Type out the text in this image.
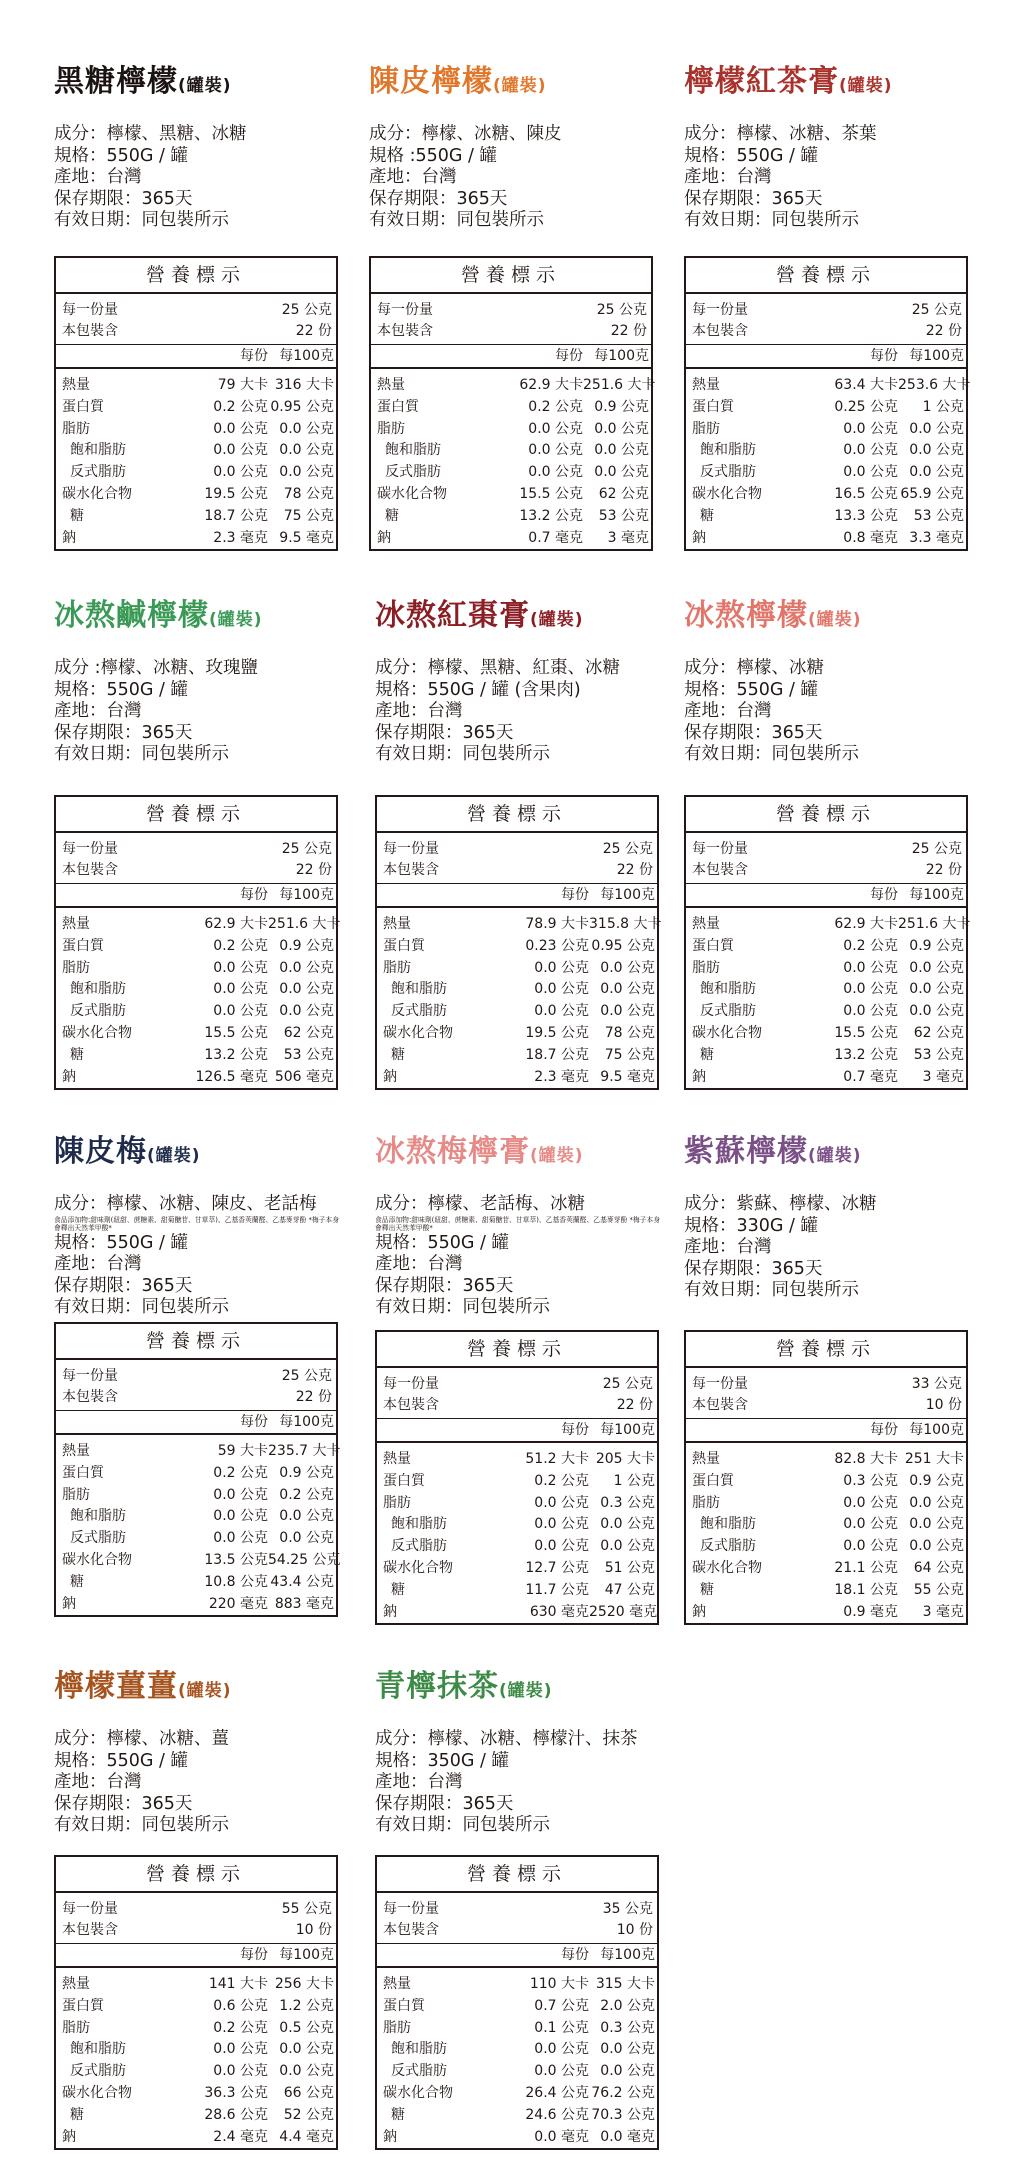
黑糖檸檬(罐裝)
成分：檸檬、黑糖、冰糖
規格：550G / 罐
產地：台灣
保存期限：365天
有效日期：同包裝所示
營養標示
每一份量	25 公克
本包裝含	22 份
每份 每100克
熱量	79 大卡 316 大卡
蛋白質	0.2 公克 0.95 公克
脂肪	0.0 公克 0.0 公克
飽和脂肪	0.0 公克 0.0 公克
反式脂肪	0.0 公克 0.0 公克
碳水化合物	19.5 公克	78 公克
糖	18.7 公克	75 公克
鈉	2.3 毫克 9.5 毫克
陳皮檸檬(罐裝)
成分：檸檬、冰糖、陳皮
規格 :550G / 罐
產地：台灣
保存期限：365天
有效日期：同包裝所示
營養標示
每一份量	25 公克
本包裝含	22 份
每份 每100克
熱量	62.9 大卡 251.6 大卡
蛋白質	0.2 公克 0.9 公克
脂肪	0.0 公克 0.0 公克
飽和脂肪	0.0 公克 0.0 公克
反式脂肪	0.0 公克 0.0 公克
碳水化合物	15.5 公克	62 公克
糖	13.2 公克	53 公克
鈉	0.7 毫克	3 毫克
檸檬紅茶膏(罐裝)
成分：檸檬、冰糖、茶葉
規格：550G / 罐
產地：台灣
保存期限：365天
有效日期：同包裝所示
營養標示
每一份量	25 公克
本包裝含	22 份
每份 每100克
熱量	63.4 大卡 253.6 大卡
蛋白質	0.25 公克	1 公克
脂肪	0.0 公克 0.0 公克
飽和脂肪	0.0 公克 0.0 公克
反式脂肪	0.0 公克 0.0 公克
碳水化合物	16.5 公克 65.9 公克
糖	13.3 公克	53 公克
鈉	0.8 毫克 3.3 毫克
冰熬鹹檸檬(罐裝)
成分 :檸檬、冰糖、玫瑰鹽
規格：550G / 罐
產地：台灣
保存期限：365天
有效日期：同包裝所示
營養標示
每一份量	25 公克
本包裝含	22 份
每份 每100克
熱量	62.9 大卡 251.6 大卡
蛋白質	0.2 公克 0.9 公克
脂肪	0.0 公克 0.0 公克
飽和脂肪	0.0 公克 0.0 公克
反式脂肪	0.0 公克 0.0 公克
碳水化合物	15.5 公克	62 公克
糖	13.2 公克	53 公克
鈉	126.5 毫克 506 毫克
冰熬紅棗膏(罐裝)
成分：檸檬、黑糖、紅棗、冰糖
規格：550G / 罐 (含果肉)
產地：台灣
保存期限：365天
有效日期：同包裝所示
營養標示
每一份量	25 公克
本包裝含	22 份
每份 每100克
熱量	78.9 大卡 315.8 大卡
蛋白質	0.23 公克 0.95 公克
脂肪	0.0 公克 0.0 公克
飽和脂肪	0.0 公克 0.0 公克
反式脂肪	0.0 公克 0.0 公克
碳水化合物	19.5 公克	78 公克
糖	18.7 公克	75 公克
鈉	2.3 毫克 9.5 毫克
冰熬檸檬(罐裝)
成分：檸檬、冰糖
規格：550G / 罐
產地：台灣
保存期限：365天
有效日期：同包裝所示
營養標示
每一份量	25 公克
本包裝含	22 份
每份 每100克
熱量	62.9 大卡 251.6 大卡
蛋白質	0.2 公克 0.9 公克
脂肪	0.0 公克 0.0 公克
飽和脂肪	0.0 公克 0.0 公克
反式脂肪	0.0 公克 0.0 公克
碳水化合物	15.5 公克	62 公克
糖	13.2 公克	53 公克
鈉	0.7 毫克	3 毫克
陳皮梅(罐裝)
成分：檸檬、冰糖、陳皮、老話梅
食品添加物:甜味劑(紐甜、蔗糖素、甜菊醣苷、甘草萃)、乙基香莢蘭醛、乙基麥芽酚 *梅子本身會釋出天然苯甲酸*
規格：550G / 罐
產地：台灣
保存期限：365天
有效日期：同包裝所示
營養標示
每一份量	25 公克
本包裝含	22 份
每份 每100克
熱量	59 大卡 235.7 大卡
蛋白質	0.2 公克 0.9 公克
脂肪	0.0 公克 0.2 公克
飽和脂肪	0.0 公克 0.0 公克
反式脂肪	0.0 公克 0.0 公克
碳水化合物	13.5 公克 54.25 公克
糖	10.8 公克 43.4 公克
鈉	220 毫克 883 毫克
冰熬梅檸膏(罐裝)
成分：檸檬、老話梅、冰糖
食品添加物:甜味劑(紐甜、蔗糖素、甜菊醣苷、甘草萃)、乙基香莢蘭醛、乙基麥芽酚 *梅子本身會釋出天然苯甲酸*
規格：550G / 罐
產地：台灣
保存期限：365天
有效日期：同包裝所示
營養標示
每一份量	25 公克
本包裝含	22 份
每份 每100克
熱量	51.2 大卡 205 大卡
蛋白質	0.2 公克	1 公克
脂肪	0.0 公克 0.3 公克
飽和脂肪	0.0 公克 0.0 公克
反式脂肪	0.0 公克 0.0 公克
碳水化合物	12.7 公克	51 公克
糖	11.7 公克	47 公克
鈉	630 毫克 2520 毫克
紫蘇檸檬(罐裝)
成分：紫蘇、檸檬、冰糖
規格：330G / 罐
產地：台灣
保存期限：365天
有效日期：同包裝所示
營養標示
每一份量	33 公克
本包裝含	10 份
每份 每100克
熱量	82.8 大卡 251 大卡
蛋白質	0.3 公克 0.9 公克
脂肪	0.0 公克 0.0 公克
飽和脂肪	0.0 公克 0.0 公克
反式脂肪	0.0 公克 0.0 公克
碳水化合物	21.1 公克	64 公克
糖	18.1 公克	55 公克
鈉	0.9 毫克	3 毫克
檸檬薑薑(罐裝)
成分：檸檬、冰糖、薑
規格：550G / 罐
產地：台灣
保存期限：365天
有效日期：同包裝所示
營養標示
每一份量	55 公克
本包裝含	10 份
每份 每100克
熱量	141 大卡 256 大卡
蛋白質	0.6 公克 1.2 公克
脂肪	0.2 公克 0.5 公克
飽和脂肪	0.0 公克 0.0 公克
反式脂肪	0.0 公克 0.0 公克
碳水化合物	36.3 公克	66 公克
糖	28.6 公克	52 公克
鈉	2.4 毫克 4.4 毫克
青檸抹茶(罐裝)
成分：檸檬、冰糖、檸檬汁、抹茶
規格：350G / 罐
產地：台灣
保存期限：365天
有效日期：同包裝所示
營養標示
每一份量	35 公克
本包裝含	10 份
每份 每100克
熱量	110 大卡 315 大卡
蛋白質	0.7 公克 2.0 公克
脂肪	0.1 公克 0.3 公克
飽和脂肪	0.0 公克 0.0 公克
反式脂肪	0.0 公克 0.0 公克
碳水化合物	26.4 公克 76.2 公克
糖	24.6 公克 70.3 公克
鈉	0.0 毫克 0.0 毫克
